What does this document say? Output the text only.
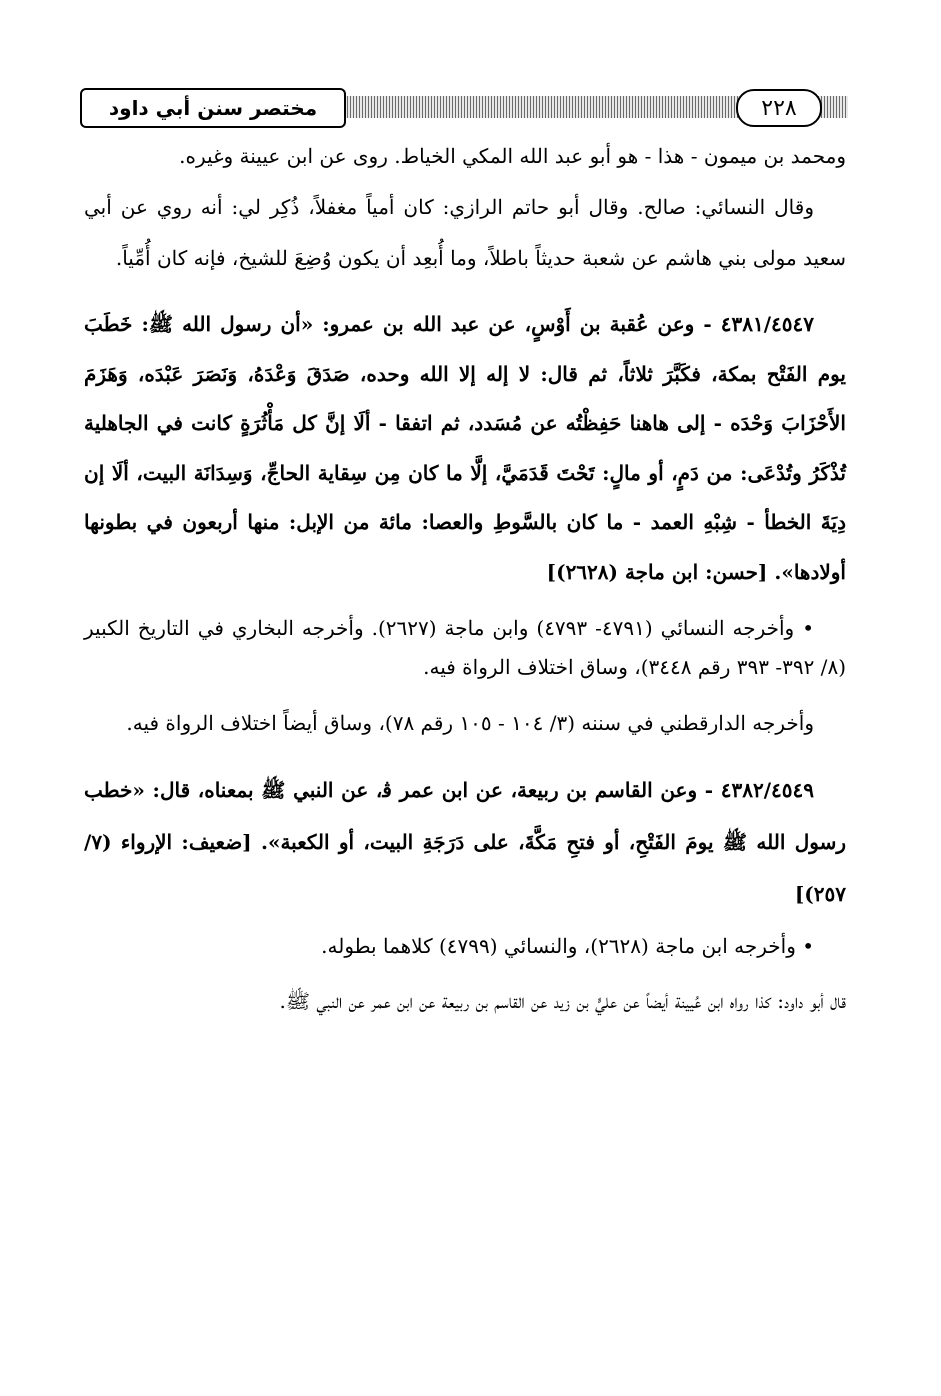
مختصر سنن أبي داود	٢٢٨

ومحمد بن ميمون - هذا - هو أبو عبد الله المكي الخياط. روى عن ابن عيينة وغيره.

وقال النسائي: صالح. وقال أبو حاتم الرازي: كان أمياً مغفلاً، ذُكِر لي: أنه روي عن أبي سعيد مولى بني هاشم عن شعبة حديثاً باطلاً، وما أُبعِد أن يكون وُضِعَ للشيخ، فإنه كان أُمِّياً.

٤٣٨١/٤٥٤٧ - وعن عُقبة بن أَوْسٍ، عن عبد الله بن عمرو: «أن رسول الله ﷺ: خَطَبَ يوم الفَتْح بمكة، فكَبَّرَ ثلاثاً، ثم قال: لا إله إلا الله وحده، صَدَقَ وَعْدَهُ، وَنَصَرَ عَبْدَه، وَهَزَمَ الأَحْزَابَ وَحْدَه - إلى هاهنا حَفِظْتُه عن مُسَدد، ثم اتفقا - ألَا إنَّ كل مَأْثُرَةٍ كانت في الجاهلية تُذْكَرُ وتُدْعَى: من دَمٍ، أو مالٍ: تَحْتَ قَدَمَيَّ، إلَّا ما كان مِن سِقاية الحاجِّ، وَسِدَانَة البيت، ألَا إن دِيَةَ الخطأ - شِبْهِ العمد - ما كان بالسَّوطِ والعصا: مائة من الإبل: منها أربعون في بطونها أولادها». [حسن: ابن ماجة (٢٦٢٨)]

• وأخرجه النسائي (٤٧٩١- ٤٧٩٣) وابن ماجة (٢٦٢٧). وأخرجه البخاري في التاريخ الكبير (٨/ ٣٩٢- ٣٩٣ رقم ٣٤٤٨)، وساق اختلاف الرواة فيه.

وأخرجه الدارقطني في سننه (٣/ ١٠٤ - ١٠٥ رقم ٧٨)، وساق أيضاً اختلاف الرواة فيه.

٤٣٨٢/٤٥٤٩ - وعن القاسم بن ربيعة، عن ابن عمر ﭬ، عن النبي ﷺ بمعناه، قال: «خطب رسول الله ﷺ يومَ الفَتْحِ، أو فتحِ مَكَّةَ، على دَرَجَةِ البيت، أو الكعبة». [ضعيف: الإرواء (٧/ ٢٥٧)]

• وأخرجه ابن ماجة (٢٦٢٨)، والنسائي (٤٧٩٩) كلاهما بطوله.

قال أبو داود: كذا رواه ابن عُيينة أيضاً عن عليٍّ بن زيد عن القاسم بن ربيعة عن ابن عمر عن النبي ﷺ.
